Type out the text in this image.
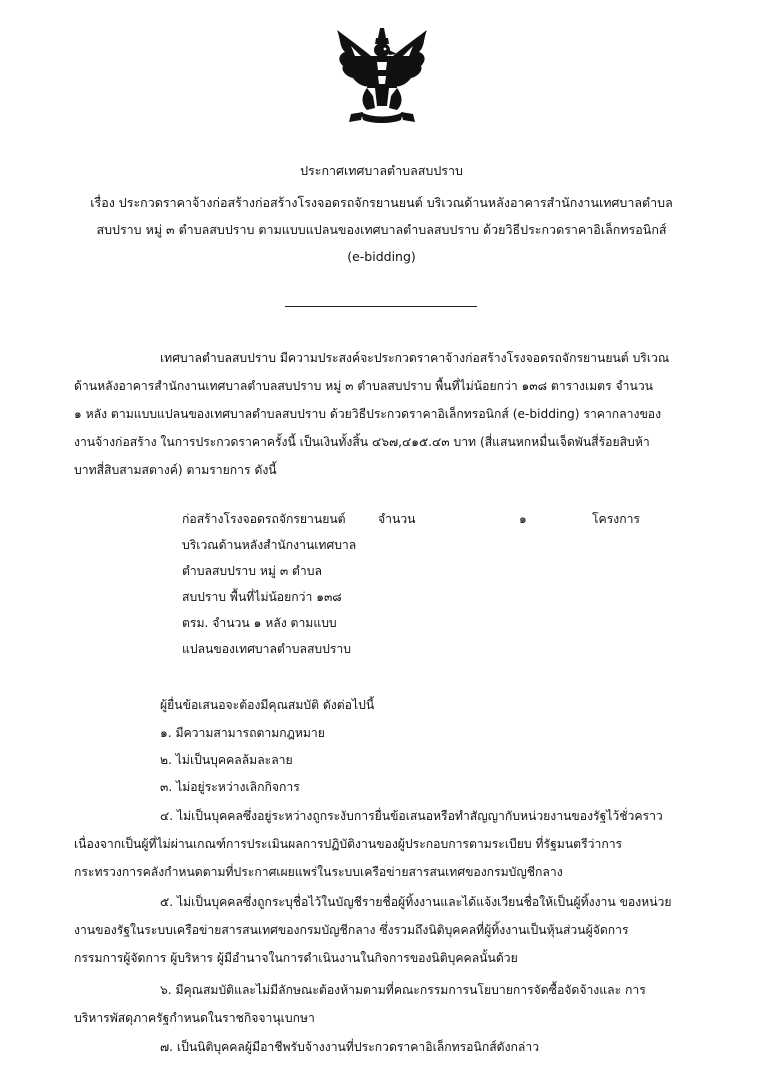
ประกาศเทศบาลตำบลสบปราบ
เรื่อง ประกวดราคาจ้างก่อสร้างก่อสร้างโรงจอดรถจักรยานยนต์ บริเวณด้านหลังอาคารสำนักงานเทศบาลตำบล
สบปราบ หมู่ ๓ ตำบลสบปราบ ตามแบบแปลนของเทศบาลตำบลสบปราบ ด้วยวิธีประกวดราคาอิเล็กทรอนิกส์
(e-bidding)
เทศบาลตำบลสบปราบ มีความประสงค์จะประกวดราคาจ้างก่อสร้างโรงจอดรถจักรยานยนต์ บริเวณ
ด้านหลังอาคารสำนักงานเทศบาลตำบลสบปราบ หมู่ ๓ ตำบลสบปราบ พื้นที่ไม่น้อยกว่า ๑๓๘ ตารางเมตร จำนวน
๑ หลัง ตามแบบแปลนของเทศบาลตำบลสบปราบ ด้วยวิธีประกวดราคาอิเล็กทรอนิกส์ (e-bidding) ราคากลางของ
งานจ้างก่อสร้าง ในการประกวดราคาครั้งนี้ เป็นเงินทั้งสิ้น ๔๖๗,๔๑๕.๔๓ บาท (สี่แสนหกหมื่นเจ็ดพันสี่ร้อยสิบห้า
บาทสี่สิบสามสตางค์) ตามรายการ ดังนี้
ก่อสร้างโรงจอดรถจักรยานยนต์
บริเวณด้านหลังสำนักงานเทศบาล
ตำบลสบปราบ หมู่ ๓ ตำบล
สบปราบ พื้นที่ไม่น้อยกว่า ๑๓๘
ตรม. จำนวน ๑ หลัง ตามแบบ
แปลนของเทศบาลตำบลสบปราบ
จำนวน	๑	โครงการ
ผู้ยื่นข้อเสนอจะต้องมีคุณสมบัติ ดังต่อไปนี้
๑. มีความสามารถตามกฎหมาย
๒. ไม่เป็นบุคคลล้มละลาย
๓. ไม่อยู่ระหว่างเลิกกิจการ
๔. ไม่เป็นบุคคลซึ่งอยู่ระหว่างถูกระงับการยื่นข้อเสนอหรือทำสัญญากับหน่วยงานของรัฐไว้ชั่วคราว
เนื่องจากเป็นผู้ที่ไม่ผ่านเกณฑ์การประเมินผลการปฏิบัติงานของผู้ประกอบการตามระเบียบ ที่รัฐมนตรีว่าการ
กระทรวงการคลังกำหนดตามที่ประกาศเผยแพร่ในระบบเครือข่ายสารสนเทศของกรมบัญชีกลาง
๕. ไม่เป็นบุคคลซึ่งถูกระบุชื่อไว้ในบัญชีรายชื่อผู้ทิ้งงานและได้แจ้งเวียนชื่อให้เป็นผู้ทิ้งงาน ของหน่วย
งานของรัฐในระบบเครือข่ายสารสนเทศของกรมบัญชีกลาง ซึ่งรวมถึงนิติบุคคลที่ผู้ทิ้งงานเป็นหุ้นส่วนผู้จัดการ
กรรมการผู้จัดการ ผู้บริหาร ผู้มีอำนาจในการดำเนินงานในกิจการของนิติบุคคลนั้นด้วย
๖. มีคุณสมบัติและไม่มีลักษณะต้องห้ามตามที่คณะกรรมการนโยบายการจัดซื้อจัดจ้างและ การ
บริหารพัสดุภาครัฐกำหนดในราชกิจจานุเบกษา
๗. เป็นนิติบุคคลผู้มีอาชีพรับจ้างงานที่ประกวดราคาอิเล็กทรอนิกส์ดังกล่าว
